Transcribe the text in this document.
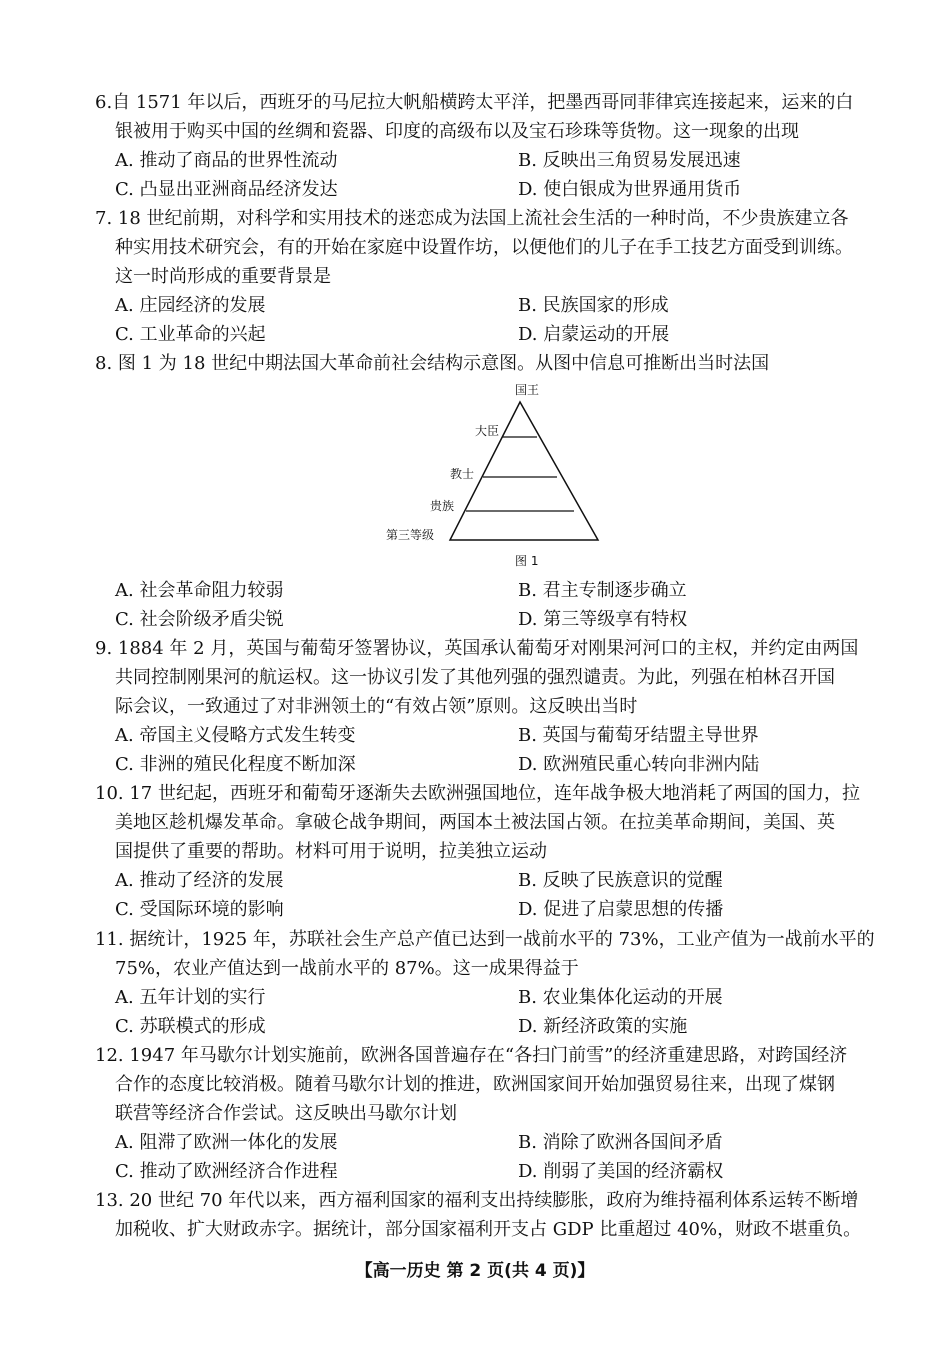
6.自 1571 年以后，西班牙的马尼拉大帆船横跨太平洋，把墨西哥同菲律宾连接起来，运来的白
银被用于购买中国的丝绸和瓷器、印度的高级布以及宝石珍珠等货物。这一现象的出现
A. 推动了商品的世界性流动	B. 反映出三角贸易发展迅速
C. 凸显出亚洲商品经济发达	D. 使白银成为世界通用货币
7. 18 世纪前期，对科学和实用技术的迷恋成为法国上流社会生活的一种时尚，不少贵族建立各
种实用技术研究会，有的开始在家庭中设置作坊，以便他们的儿子在手工技艺方面受到训练。
这一时尚形成的重要背景是
A. 庄园经济的发展	B. 民族国家的形成
C. 工业革命的兴起	D. 启蒙运动的开展
8. 图 1 为 18 世纪中期法国大革命前社会结构示意图。从图中信息可推断出当时法国
国王
大臣
教士
贵族
第三等级
图 1
A. 社会革命阻力较弱	B. 君主专制逐步确立
C. 社会阶级矛盾尖锐	D. 第三等级享有特权
9. 1884 年 2 月，英国与葡萄牙签署协议，英国承认葡萄牙对刚果河河口的主权，并约定由两国
共同控制刚果河的航运权。这一协议引发了其他列强的强烈谴责。为此，列强在柏林召开国
际会议，一致通过了对非洲领土的“有效占领”原则。这反映出当时
A. 帝国主义侵略方式发生转变	B. 英国与葡萄牙结盟主导世界
C. 非洲的殖民化程度不断加深	D. 欧洲殖民重心转向非洲内陆
10. 17 世纪起，西班牙和葡萄牙逐渐失去欧洲强国地位，连年战争极大地消耗了两国的国力，拉
美地区趁机爆发革命。拿破仑战争期间，两国本土被法国占领。在拉美革命期间，美国、英
国提供了重要的帮助。材料可用于说明，拉美独立运动
A. 推动了经济的发展	B. 反映了民族意识的觉醒
C. 受国际环境的影响	D. 促进了启蒙思想的传播
11. 据统计，1925 年，苏联社会生产总产值已达到一战前水平的 73%，工业产值为一战前水平的
75%，农业产值达到一战前水平的 87%。这一成果得益于
A. 五年计划的实行	B. 农业集体化运动的开展
C. 苏联模式的形成	D. 新经济政策的实施
12. 1947 年马歇尔计划实施前，欧洲各国普遍存在“各扫门前雪”的经济重建思路，对跨国经济
合作的态度比较消极。随着马歇尔计划的推进，欧洲国家间开始加强贸易往来，出现了煤钢
联营等经济合作尝试。这反映出马歇尔计划
A. 阻滞了欧洲一体化的发展	B. 消除了欧洲各国间矛盾
C. 推动了欧洲经济合作进程	D. 削弱了美国的经济霸权
13. 20 世纪 70 年代以来，西方福利国家的福利支出持续膨胀，政府为维持福利体系运转不断增
加税收、扩大财政赤字。据统计，部分国家福利开支占 GDP 比重超过 40%，财政不堪重负。
【高一历史 第 2 页(共 4 页)】
